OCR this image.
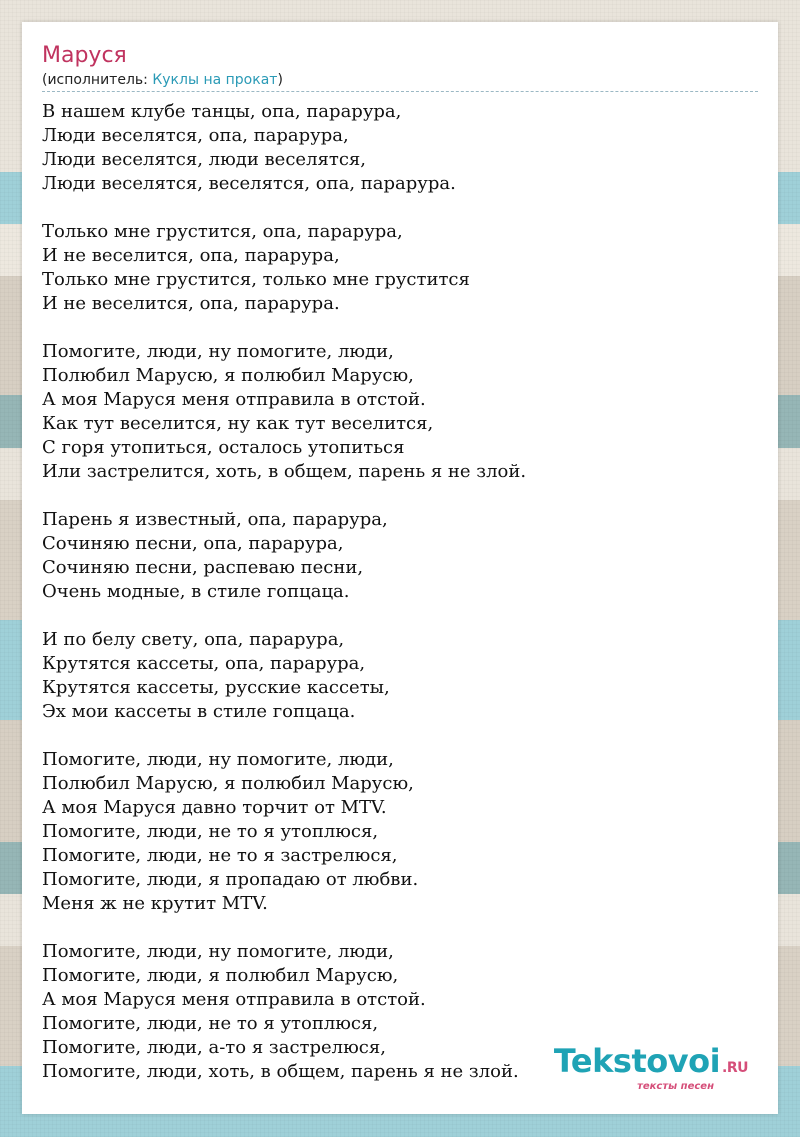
Маруся
(исполнитель: Куклы на прокат)
В нашем клубе танцы, опа, парарура,
Люди веселятся, опа, парарура,
Люди веселятся, люди веселятся,
Люди веселятся, веселятся, опа, парарура.
Только мне грустится, опа, парарура,
И не веселится, опа, парарура,
Только мне грустится, только мне грустится
И не веселится, опа, парарура.
Помогите, люди, ну помогите, люди,
Полюбил Марусю, я полюбил Марусю,
А моя Маруся меня отправила в отстой.
Как тут веселится, ну как тут веселится,
С горя утопиться, осталось утопиться
Или застрелится, хоть, в общем, парень я не злой.
Парень я известный, опа, парарура,
Сочиняю песни, опа, парарура,
Сочиняю песни, распеваю песни,
Очень модные, в стиле гопцаца.
И по белу свету, опа, парарура,
Крутятся кассеты, опа, парарура,
Крутятся кассеты, русские кассеты,
Эх мои кассеты в стиле гопцаца.
Помогите, люди, ну помогите, люди,
Полюбил Марусю, я полюбил Марусю,
А моя Маруся давно торчит от MTV.
Помогите, люди, не то я утоплюся,
Помогите, люди, не то я застрелюся,
Помогите, люди, я пропадаю от любви.
Меня ж не крутит MTV.
Помогите, люди, ну помогите, люди,
Помогите, люди, я полюбил Марусю,
А моя Маруся меня отправила в отстой.
Помогите, люди, не то я утоплюся,
Помогите, люди, а-то я застрелюся,
Помогите, люди, хоть, в общем, парень я не злой.	Tekstovoi .RU
тексты песен
